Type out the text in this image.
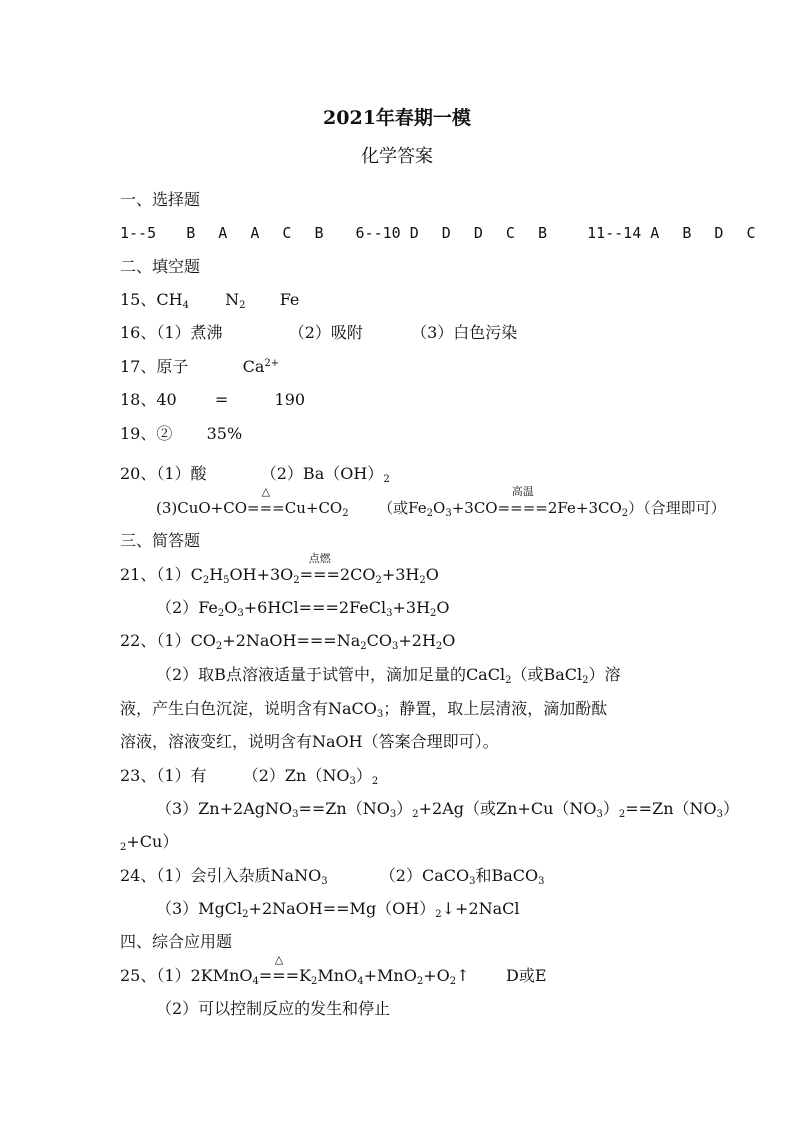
2021年春期一模
化学答案
一、选择题
1--5 B A A C B 6--10 D D D C B	11--14 A B D C
二、填空题
15、$CH_4$ $N_2$ Fe
16、（1）煮沸	（2）吸附	（3）白色污染
17、原子	$Ca^{2+}$
18、40 =	190
19、② 35%
20、（1）酸	$(2)Ba(OH)_2$
(3)CuO+CO
△
$===Cu+CO_2$ （或$Fe_2O_3+3CO$
高温
$====2Fe+3CO_2$）（合理即可）
三、简答题
21、$(1)C_2H_5OH+3O_2$
点燃
$===2CO_2+3H_2O$
$(2)Fe_2O_3+6HCl===2FeCl_3+3H_2O$
22、$(1)CO_2+2NaOH===Na_2CO_3+2H_2O$
（2）取B点溶液适量于试管中，滴加足量的CaCl$_2$（或BaCl$_2$）溶
液，产生白色沉淀，说明含有NaCO$_3$；静置，取上层清液，滴加酚酞
溶液，溶液变红，说明含有NaOH（答案合理即可）。
23、（1）有 $(2)Zn(NO_3)_2$
$(3)Zn+2AgNO_3==Zn(NO_3)_2+2Ag$（或$Zn+Cu(NO_3)_2==Zn(NO_3)$
$_2$+Cu）
24、（1）会引入杂质NaNO$_3$	（2）CaCO$_3$和BaCO$_3$
$(3)MgCl_2+2NaOH==Mg(OH)_2↓+2NaCl$
四、综合应用题
25、（1）2KMnO$_4$
△
$===K_2MnO_4+MnO_2+O_2↑$ D或E
（2）可以控制反应的发生和停止
